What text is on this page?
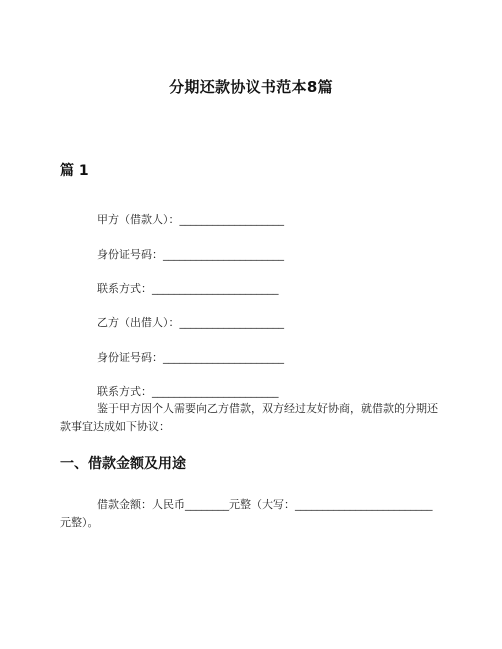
分期还款协议书范本8篇
篇 1
甲方（借款人）：___________________
身份证号码：______________________
联系方式：_______________________
乙方（出借人）：___________________
身份证号码：______________________
联系方式：_______________________
鉴于甲方因个人需要向乙方借款，双方经过友好协商，就借款的分期还款事宜达成如下协议：
一、借款金额及用途
借款金额：人民币________元整（大写：_________________________元整）。
